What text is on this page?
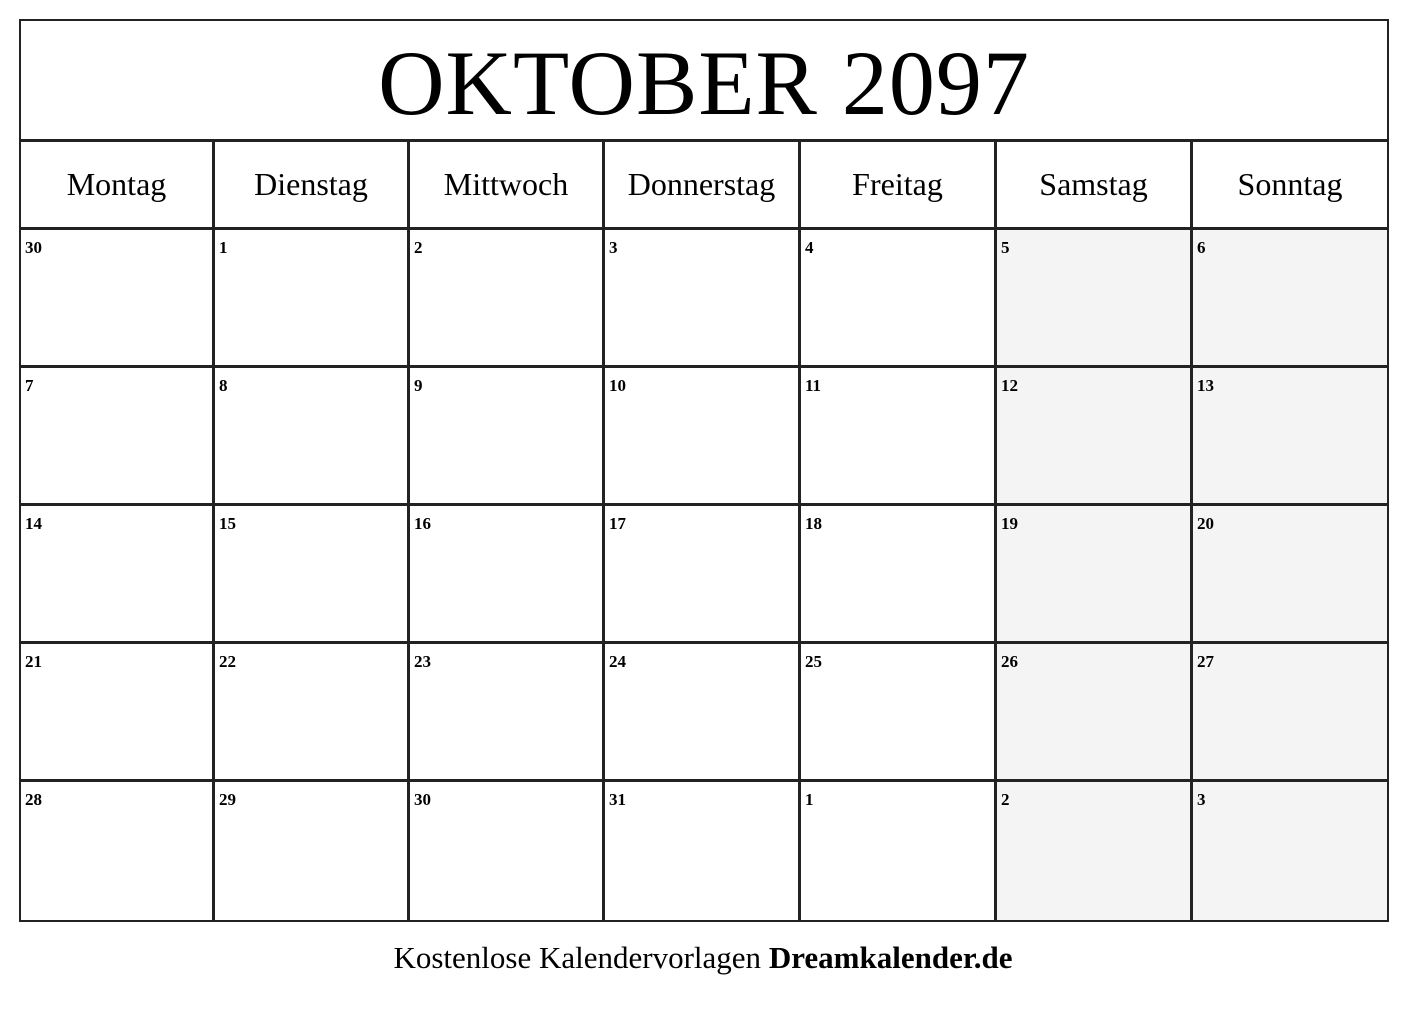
OKTOBER 2097
Montag	Dienstag	Mittwoch	Donnerstag	Freitag	Samstag	Sonntag
30	1	2	3	4	5	6
7	8	9	10	11	12	13
14	15	16	17	18	19	20
21	22	23	24	25	26	27
28	29	30	31	1	2	3
Kostenlose Kalendervorlagen Dreamkalender.de
